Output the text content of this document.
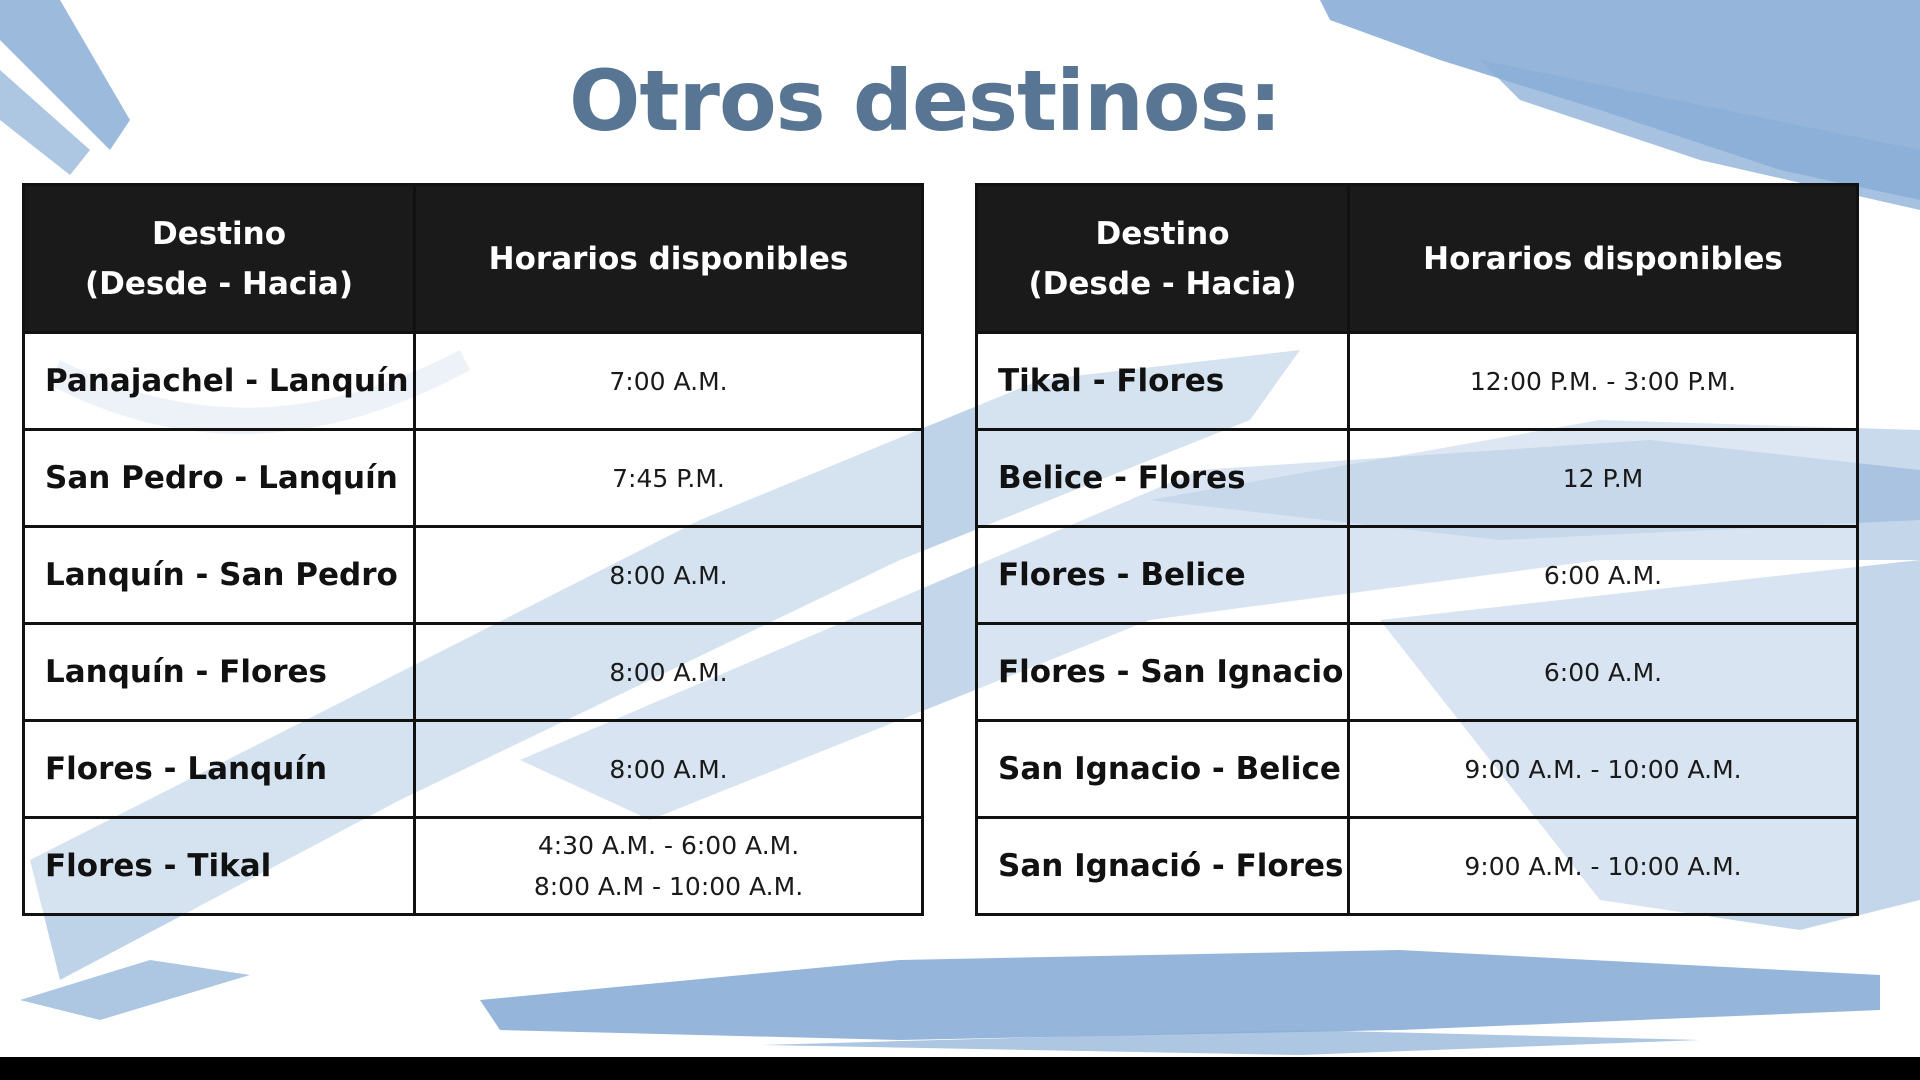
Otros destinos:
Destino
(Desde - Hacia)	Horarios disponibles
Panajachel - Lanquín	7:00 A.M.

San Pedro - Lanquín	7:45 P.M.

Lanquín - San Pedro	8:00 A.M.

Lanquín - Flores	8:00 A.M.

Flores - Lanquín	8:00 A.M.

Flores - Tikal	4:30 A.M. - 6:00 A.M.
8:00 A.M - 10:00 A.M.
Destino
(Desde - Hacia)	Horarios disponibles
Tikal - Flores	12:00 P.M. - 3:00 P.M.

Belice - Flores	12 P.M

Flores - Belice	6:00 A.M.

Flores - San Ignacio	6:00 A.M.

San Ignacio - Belice	9:00 A.M. - 10:00 A.M.

San Ignació - Flores	9:00 A.M. - 10:00 A.M.
